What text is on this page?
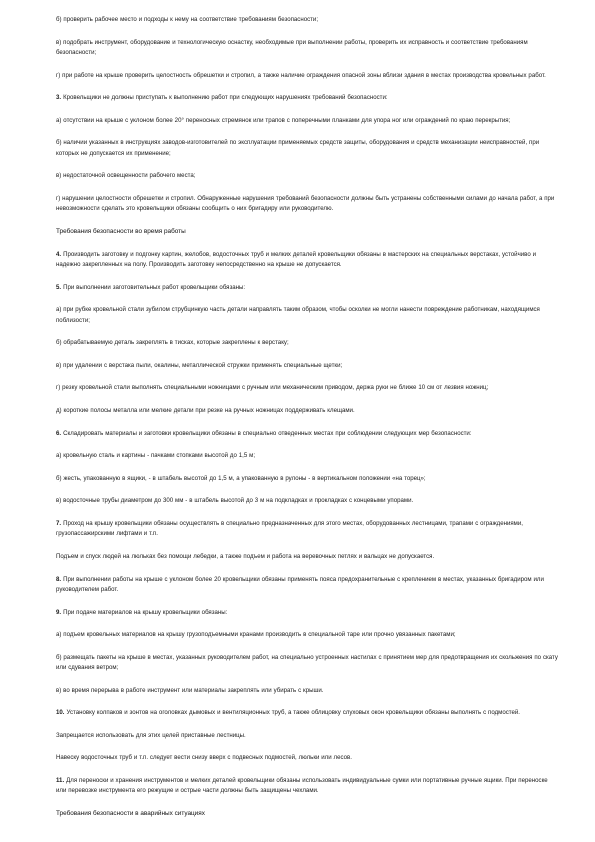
б) проверить рабочее место и подходы к нему на соответствие требованиям безопасности;

в) подобрать инструмент, оборудование и технологическую оснастку, необходимые при выполнении работы, проверить их исправность и соответствие требованиям безопасности;

г) при работе на крыше проверить целостность обрешетки и стропил, а также наличие ограждения опасной зоны вблизи здания в местах производства кровельных работ.

3. Кровельщики не должны приступать к выполнению работ при следующих нарушениях требований безопасности:

а) отсутствии на крыше с уклоном более 20° переносных стремянок или трапов с поперечными планками для упора ног или ограждений по краю перекрытия;

б) наличии указанных в инструкциях заводов-изготовителей по эксплуатации применяемых средств защиты, оборудования и средств механизации неисправностей, при которых не допускается их применение;

в) недостаточной освещенности рабочего места;

г) нарушении целостности обрешетки и стропил. Обнаруженные нарушения требований безопасности должны быть устранены собственными силами до начала работ, а при невозможности сделать это кровельщики обязаны сообщить о них бригадиру или руководителю.

Требования безопасности во время работы

4. Производить заготовку и подгонку картин, желобов, водосточных труб и мелких деталей кровельщики обязаны в мастерских на специальных верстаках, устойчиво и надежно закрепленных на полу. Производить заготовку непосредственно на крыше не допускается.

5. При выполнении заготовительных работ кровельщики обязаны:

а) при рубке кровельной стали зубилом струбцинкую часть детали направлять таким образом, чтобы осколки не могли нанести повреждение работникам, находящимся поблизости;

б) обрабатываемую деталь закреплять в тисках, которые закреплены к верстаку;

в) при удалении с верстака пыли, окалины, металлической стружки применять специальные щетки;

г) резку кровельной стали выполнять специальными ножницами с ручным или механическим приводом, держа руки не ближе 10 см от лезвия ножниц;

д) короткие полосы металла или мелкие детали при резке на ручных ножницах поддерживать клещами.

6. Складировать материалы и заготовки кровельщики обязаны в специально отведенных местах при соблюдении следующих мер безопасности:

а) кровельную сталь и картины - пачками стопками высотой до 1,5 м;

б) жесть, упакованную в ящики, - в штабель высотой до 1,5 м, а упакованную в рулоны - в вертикальном положении «на торец»;

в) водосточные трубы диаметром до 300 мм - в штабель высотой до 3 м на подкладках и прокладках с концевыми упорами.

7. Проход на крышу кровельщики обязаны осуществлять в специально предназначенных для этого местах, оборудованных лестницами, трапами с ограждениями, грузопассажирскими лифтами и т.п.

Подъем и спуск людей на люльках без помощи лебедки, а также подъем и работа на веревочных петлях и вальцах не допускается.

8. При выполнении работы на крыше с уклоном более 20 кровельщики обязаны применять пояса предохранительные с креплением в местах, указанных бригадиром или руководителем работ.

9. При подаче материалов на крышу кровельщики обязаны:

а) подъем кровельных материалов на крышу грузоподъемными кранами производить в специальной таре или прочно увязанных пакетами;

б) размещать пакеты на крыше в местах, указанных руководителем работ, на специально устроенных настилах с принятием мер для предотвращения их скольжения по скату или сдувания ветром;

в) во время перерыва в работе инструмент или материалы закреплять или убирать с крыши.

10. Установку колпаков и зонтов на оголовках дымовых и вентиляционных труб, а также облицовку слуховых окон кровельщики обязаны выполнять с подмостей.

Запрещается использовать для этих целей приставные лестницы.

Навеску водосточных труб и т.п. следует вести снизу вверх с подвесных подмостей, люльки или лесов.

11. Для переноски и хранения инструментов и мелких деталей кровельщики обязаны использовать индивидуальные сумки или портативные ручные ящики. При переноске или перевозке инструмента его режущие и острые части должны быть защищены чехлами.

Требования безопасности в аварийных ситуациях
